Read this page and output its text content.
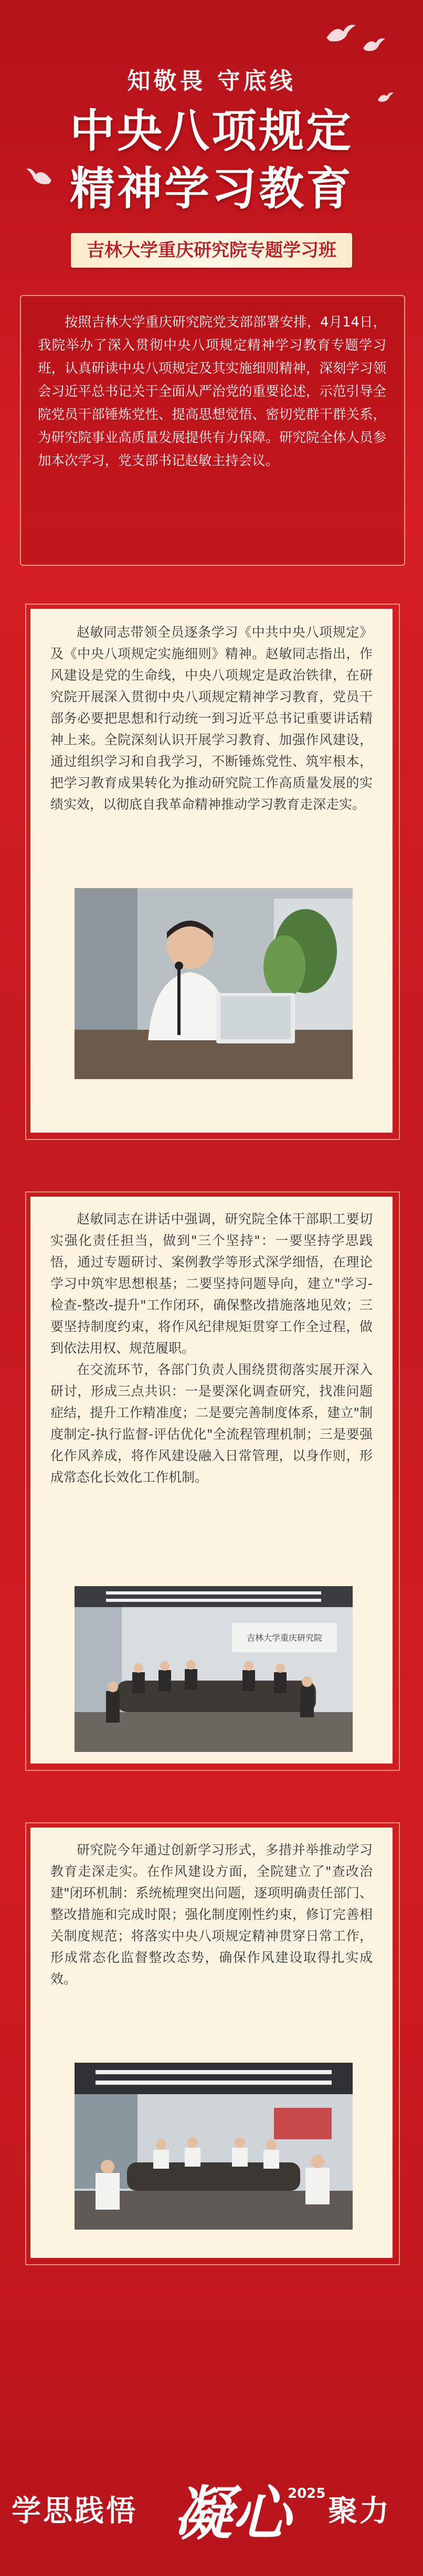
知敬畏 守底线
中央八项规定
精神学习教育
吉林大学重庆研究院专题学习班
按照吉林大学重庆研究院党支部部署安排，4月14日，我院举办了深入贯彻中央八项规定精神学习教育专题学习班，认真研读中央八项规定及其实施细则精神，深刻学习领会习近平总书记关于全面从严治党的重要论述，示范引导全院党员干部锤炼党性、提高思想觉悟、密切党群干群关系，为研究院事业高质量发展提供有力保障。研究院全体人员参加本次学习，党支部书记赵敏主持会议。

赵敏同志带领全员逐条学习《中共中央八项规定》及《中央八项规定实施细则》精神。赵敏同志指出，作风建设是党的生命线，中央八项规定是政治铁律，在研究院开展深入贯彻中央八项规定精神学习教育，党员干部务必要把思想和行动统一到习近平总书记重要讲话精神上来。全院深刻认识开展学习教育、加强作风建设，通过组织学习和自我学习，不断锤炼党性、筑牢根本，把学习教育成果转化为推动研究院工作高质量发展的实绩实效，以彻底自我革命精神推动学习教育走深走实。

赵敏同志在讲话中强调，研究院全体干部职工要切实强化责任担当，做到"三个坚持"：一要坚持学思践悟，通过专题研讨、案例教学等形式深学细悟，在理论学习中筑牢思想根基；二要坚持问题导向，建立"学习-检查-整改-提升"工作闭环，确保整改措施落地见效；三要坚持制度约束，将作风纪律规矩贯穿工作全过程，做到依法用权、规范履职。

在交流环节，各部门负责人围绕贯彻落实展开深入研讨，形成三点共识：一是要深化调查研究，找准问题症结，提升工作精准度；二是要完善制度体系，建立"制度制定-执行监督-评估优化"全流程管理机制；三是要强化作风养成，将作风建设融入日常管理，以身作则，形成常态化长效化工作机制。

吉林大学重庆研究院

研究院今年通过创新学习形式，多措并举推动学习教育走深走实。在作风建设方面，全院建立了"查改治建"闭环机制：系统梳理突出问题，逐项明确责任部门、整改措施和完成时限；强化制度刚性约束，修订完善相关制度规范；将落实中央八项规定精神贯穿日常工作，形成常态化监督整改态势，确保作风建设取得扎实成效。

学思践悟 凝心
2025
聚力
